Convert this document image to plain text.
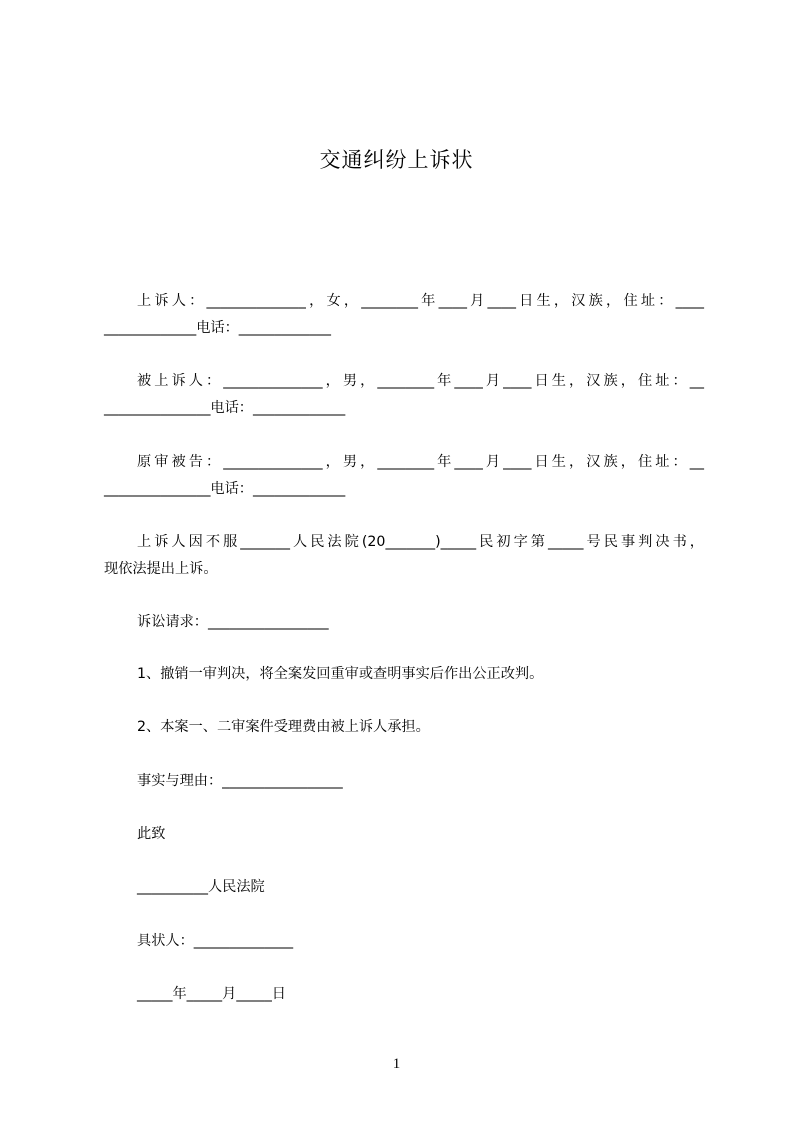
交通纠纷上诉状
上诉人：______________，女，________年____月____日生，汉族，住址：____
_____________电话：_____________
被上诉人：______________，男，________年____月____日生，汉族，住址：__
_______________电话：_____________
原审被告：______________，男，________年____月____日生，汉族，住址：__
_______________电话：_____________
上诉人因不服_______人民法院(20_______)_____民初字第_____号民事判决书，
现依法提出上诉。
诉讼请求：_________________
1、撤销一审判决，将全案发回重审或查明事实后作出公正改判。
2、本案一、二审案件受理费由被上诉人承担。
事实与理由：_________________
此致
__________人民法院
具状人：______________
_____年_____月_____日
1
